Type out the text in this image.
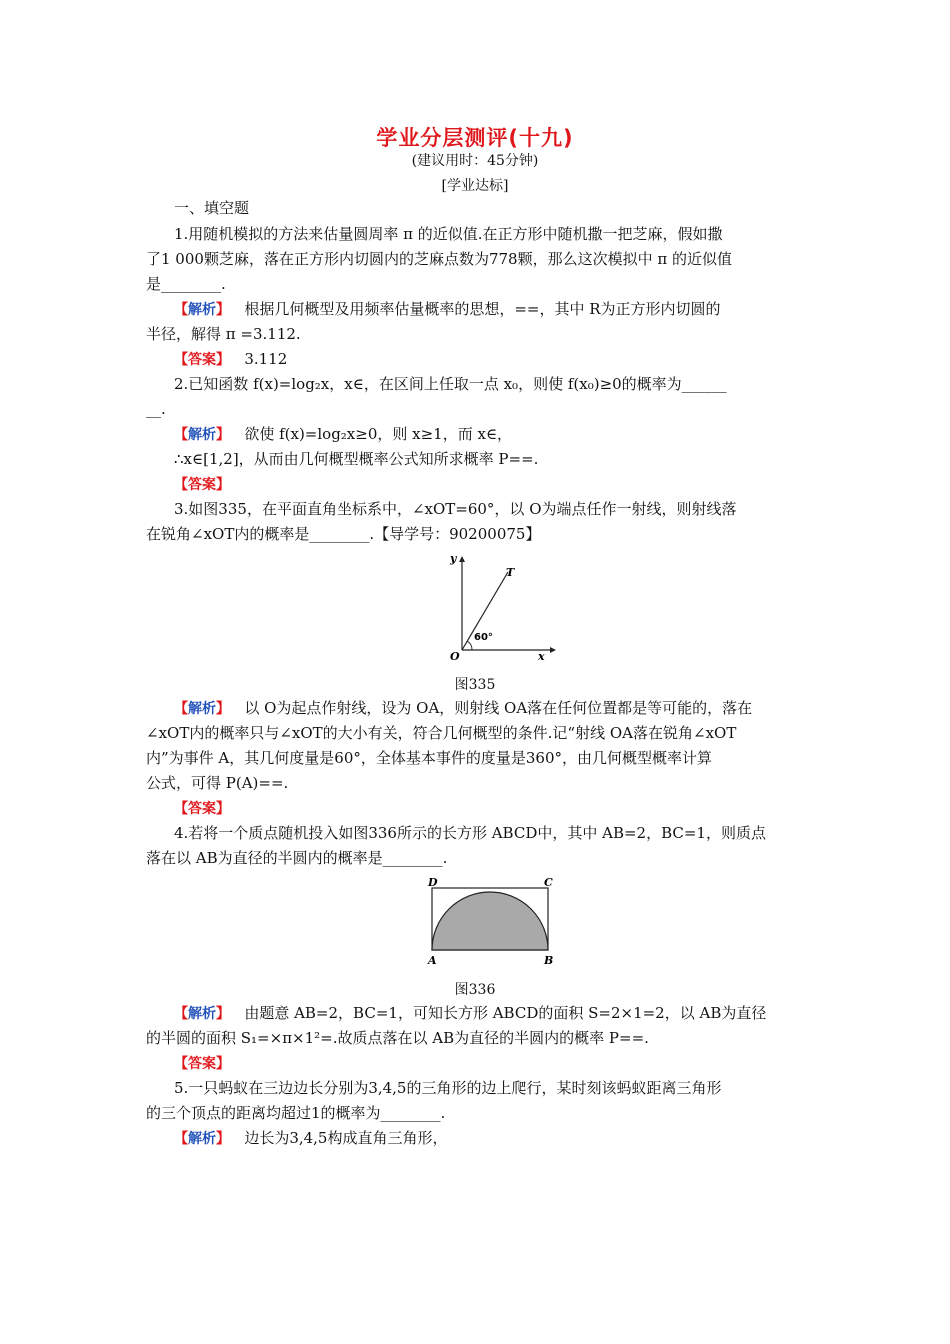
学业分层测评(十九)
(建议用时：45分钟)
[学业达标]
一、填空题
1.用随机模拟的方法来估量圆周率 π 的近似值.在正方形中随机撒一把芝麻，假如撒
了1 000颗芝麻，落在正方形内切圆内的芝麻点数为778颗，那么这次模拟中 π 的近似值
是________.
【解析】 根据几何概型及用频率估量概率的思想，==，其中 R为正方形内切圆的
半径，解得 π =3.112.
【答案】 3.112
2.已知函数 f(x)=log₂x，x∈，在区间上任取一点 x₀，则使 f(x₀)≥0的概率为______
__.
【解析】 欲使 f(x)=log₂x≥0，则 x≥1，而 x∈，
∴x∈[1,2]，从而由几何概型概率公式知所求概率 P==.
【答案】
3.如图335，在平面直角坐标系中，∠xOT=60°，以 O为端点任作一射线，则射线落
在锐角∠xOT内的概率是________.【导学号：90200075】
y
T
60°
O	x
图335
【解析】 以 O为起点作射线，设为 OA，则射线 OA落在任何位置都是等可能的，落在
∠xOT内的概率只与∠xOT的大小有关，符合几何概型的条件.记“射线 OA落在锐角∠xOT
内”为事件 A，其几何度量是60°，全体基本事件的度量是360°，由几何概型概率计算
公式，可得 P(A)==.
【答案】
4.若将一个质点随机投入如图336所示的长方形 ABCD中，其中 AB=2，BC=1，则质点
落在以 AB为直径的半圆内的概率是________.
D	C
A	B
图336
【解析】 由题意 AB=2，BC=1，可知长方形 ABCD的面积 S=2×1=2，以 AB为直径
的半圆的面积 S₁=×π×1²=.故质点落在以 AB为直径的半圆内的概率 P==.
【答案】
5.一只蚂蚁在三边边长分别为3,4,5的三角形的边上爬行，某时刻该蚂蚁距离三角形
的三个顶点的距离均超过1的概率为________.
【解析】 边长为3,4,5构成直角三角形，
